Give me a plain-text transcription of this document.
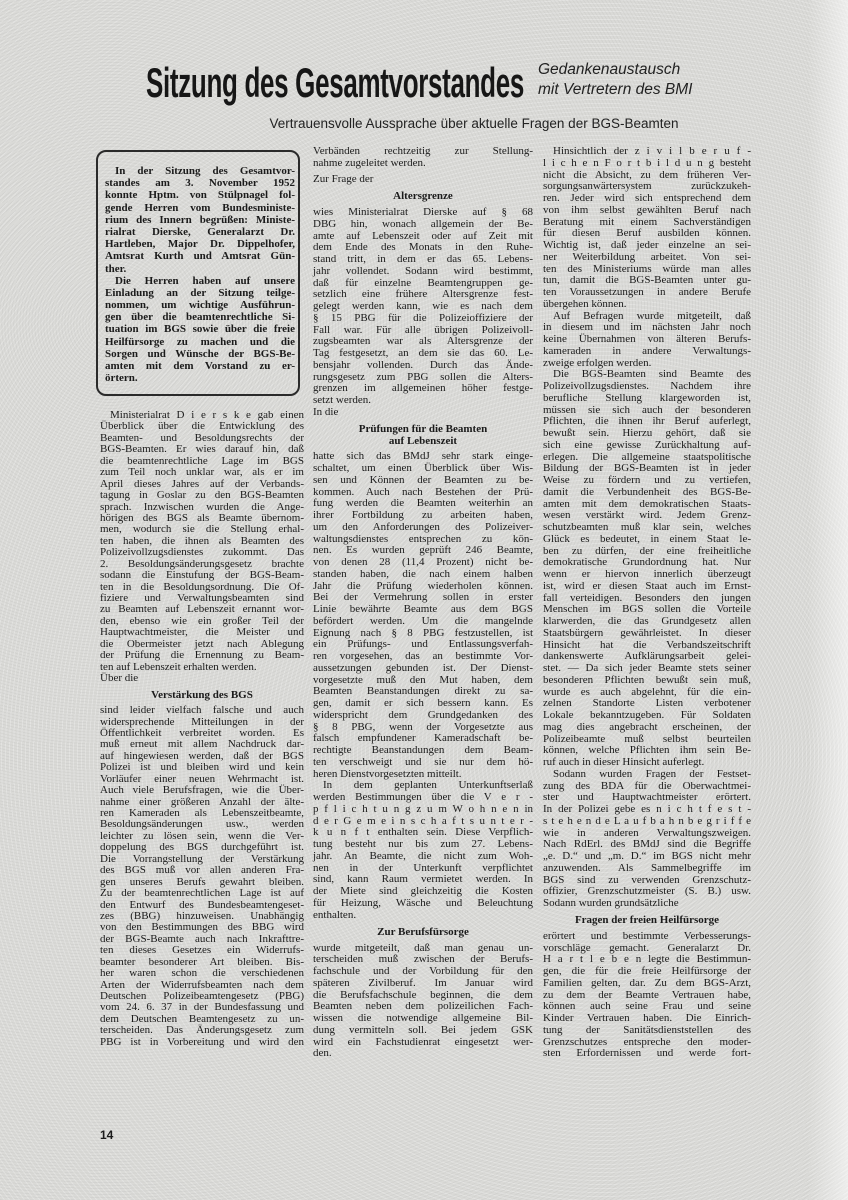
Sitzung des Gesamtvorstandes Gedankenaustausch
mit Vertretern des BMI
Vertrauensvolle Aussprache über aktuelle Fragen der BGS-Beamten
In der Sitzung des Gesamtvor-
standes am 3. November 1952
konnte Hptm. von Stülpnagel fol-
gende Herren vom Bundesministe-
rium des Innern begrüßen: Ministe-
rialrat Dierske, Generalarzt Dr.
Hartleben, Major Dr. Dippelhofer,
Amtsrat Kurth und Amtsrat Gün-
ther.
Die Herren haben auf unsere
Einladung an der Sitzung teilge-
nommen, um wichtige Ausführun-
gen über die beamtenrechtliche Si-
tuation im BGS sowie über die freie
Heilfürsorge zu machen und die
Sorgen und Wünsche der BGS-Be-
amten mit dem Vorstand zu er-
örtern.
Ministerialrat D i e r s k e gab einen
Überblick über die Entwicklung des
Beamten- und Besoldungsrechts der
BGS-Beamten. Er wies darauf hin, daß
die beamtenrechtliche Lage im BGS
zum Teil noch unklar war, als er im
April dieses Jahres auf der Verbands-
tagung in Goslar zu den BGS-Beamten
sprach. Inzwischen wurden die Ange-
hörigen des BGS als Beamte übernom-
men, wodurch sie die Stellung erhal-
ten haben, die ihnen als Beamten des
Polizeivollzugsdienstes zukommt. Das
2. Besoldungsänderungsgesetz brachte
sodann die Einstufung der BGS-Beam-
ten in die Besoldungsordnung. Die Of-
fiziere und Verwaltungsbeamten sind
zu Beamten auf Lebenszeit ernannt wor-
den, ebenso wie ein großer Teil der
Hauptwachtmeister, die Meister und
die Obermeister jetzt nach Ablegung
der Prüfung die Ernennung zu Beam-
ten auf Lebenszeit erhalten werden.
Über die
Verstärkung des BGS
sind leider vielfach falsche und auch
widersprechende Mitteilungen in der
Öffentlichkeit verbreitet worden. Es
muß erneut mit allem Nachdruck dar-
auf hingewiesen werden, daß der BGS
Polizei ist und bleiben wird und kein
Vorläufer einer neuen Wehrmacht ist.
Auch viele Berufsfragen, wie die Über-
nahme einer größeren Anzahl der älte-
ren Kameraden als Lebenszeitbeamte,
Besoldungsänderungen usw., werden
leichter zu lösen sein, wenn die Ver-
doppelung des BGS durchgeführt ist.
Die Vorrangstellung der Verstärkung
des BGS muß vor allen anderen Fra-
gen unseres Berufs gewahrt bleiben.
Zu der beamtenrechtlichen Lage ist auf
den Entwurf des Bundesbeamtengeset-
zes (BBG) hinzuweisen. Unabhängig
von den Bestimmungen des BBG wird
der BGS-Beamte auch nach Inkrafttre-
ten dieses Gesetzes ein Widerrufs-
beamter besonderer Art bleiben. Bis-
her waren schon die verschiedenen
Arten der Widerrufsbeamten nach dem
Deutschen Polizeibeamtengesetz (PBG)
vom 24. 6. 37 in der Bundesfassung und
dem Deutschen Beamtengesetz zu un-
terscheiden. Das Änderungsgesetz zum
PBG ist in Vorbereitung und wird den
Verbänden rechtzeitig zur Stellung-
nahme zugeleitet werden.
Zur Frage der
Altersgrenze
wies Ministerialrat Dierske auf § 68
DBG hin, wonach allgemein der Be-
amte auf Lebenszeit oder auf Zeit mit
dem Ende des Monats in den Ruhe-
stand tritt, in dem er das 65. Lebens-
jahr vollendet. Sodann wird bestimmt,
daß für einzelne Beamtengruppen ge-
setzlich eine frühere Altersgrenze fest-
gelegt werden kann, wie es nach dem
§ 15 PBG für die Polizeioffiziere der
Fall war. Für alle übrigen Polizeivoll-
zugsbeamten war als Altersgrenze der
Tag festgesetzt, an dem sie das 60. Le-
bensjahr vollenden. Durch das Ände-
rungsgesetz zum PBG sollen die Alters-
grenzen im allgemeinen höher festge-
setzt werden.
In die
Prüfungen für die Beamten
auf Lebenszeit
hatte sich das BMdJ sehr stark einge-
schaltet, um einen Überblick über Wis-
sen und Können der Beamten zu be-
kommen. Auch nach Bestehen der Prü-
fung werden die Beamten weiterhin an
ihrer Fortbildung zu arbeiten haben,
um den Anforderungen des Polizeiver-
waltungsdienstes entsprechen zu kön-
nen. Es wurden geprüft 246 Beamte,
von denen 28 (11,4 Prozent) nicht be-
standen haben, die nach einem halben
Jahr die Prüfung wiederholen können.
Bei der Vermehrung sollen in erster
Linie bewährte Beamte aus dem BGS
befördert werden. Um die mangelnde
Eignung nach § 8 PBG festzustellen, ist
ein Prüfungs- und Entlassungsverfah-
ren vorgesehen, das an bestimmte Vor-
aussetzungen gebunden ist. Der Dienst-
vorgesetzte muß den Mut haben, dem
Beamten Beanstandungen direkt zu sa-
gen, damit er sich bessern kann. Es
widerspricht dem Grundgedanken des
§ 8 PBG, wenn der Vorgesetzte aus
falsch empfundener Kameradschaft be-
rechtigte Beanstandungen dem Beam-
ten verschweigt und sie nur dem hö-
heren Dienstvorgesetzten mitteilt.
In dem geplanten Unterkunftserlaß
werden Bestimmungen über die V e r -
p f l i c h t u n g z u m W o h n e n in
d e r G e m e i n s c h a f t s u n t e r -
k u n f t enthalten sein. Diese Verpflich-
tung besteht nur bis zum 27. Lebens-
jahr. An Beamte, die nicht zum Woh-
nen in der Unterkunft verpflichtet
sind, kann Raum vermietet werden. In
der Miete sind gleichzeitig die Kosten
für Heizung, Wäsche und Beleuchtung
enthalten.
Zur Berufsfürsorge
wurde mitgeteilt, daß man genau un-
terscheiden muß zwischen der Berufs-
fachschule und der Vorbildung für den
späteren Zivilberuf. Im Januar wird
die Berufsfachschule beginnen, die dem
Beamten neben dem polizeilichen Fach-
wissen die notwendige allgemeine Bil-
dung vermitteln soll. Bei jedem GSK
wird ein Fachstudienrat eingesetzt wer-
den.
Hinsichtlich der z i v i l b e r u f -
l i c h e n F o r t b i l d u n g besteht
nicht die Absicht, zu dem früheren Ver-
sorgungsanwärtersystem zurückzukeh-
ren. Jeder wird sich entsprechend dem
von ihm selbst gewählten Beruf nach
Beratung mit einem Sachverständigen
für diesen Beruf ausbilden können.
Wichtig ist, daß jeder einzelne an sei-
ner Weiterbildung arbeitet. Von sei-
ten des Ministeriums würde man alles
tun, damit die BGS-Beamten unter gu-
ten Voraussetzungen in andere Berufe
übergehen können.
Auf Befragen wurde mitgeteilt, daß
in diesem und im nächsten Jahr noch
keine Übernahmen von älteren Berufs-
kameraden in andere Verwaltungs-
zweige erfolgen werden.
Die BGS-Beamten sind Beamte des
Polizeivollzugsdienstes. Nachdem ihre
berufliche Stellung klargeworden ist,
müssen sie sich auch der besonderen
Pflichten, die ihnen ihr Beruf auferlegt,
bewußt sein. Hierzu gehört, daß sie
sich eine gewisse Zurückhaltung auf-
erlegen. Die allgemeine staatspolitische
Bildung der BGS-Beamten ist in jeder
Weise zu fördern und zu vertiefen,
damit die Verbundenheit des BGS-Be-
amten mit dem demokratischen Staats-
wesen verstärkt wird. Jedem Grenz-
schutzbeamten muß klar sein, welches
Glück es bedeutet, in einem Staat le-
ben zu dürfen, der eine freiheitliche
demokratische Grundordnung hat. Nur
wenn er hiervon innerlich überzeugt
ist, wird er diesen Staat auch im Ernst-
fall verteidigen. Besonders den jungen
Menschen im BGS sollen die Vorteile
klarwerden, die das Grundgesetz allen
Staatsbürgern gewährleistet. In dieser
Hinsicht hat die Verbandszeitschrift
dankenswerte Aufklärungsarbeit gelei-
stet. — Da sich jeder Beamte stets seiner
besonderen Pflichten bewußt sein muß,
wurde es auch abgelehnt, für die ein-
zelnen Standorte Listen verbotener
Lokale bekanntzugeben. Für Soldaten
mag dies angebracht erscheinen, der
Polizeibeamte muß selbst beurteilen
können, welche Pflichten ihm sein Be-
ruf auch in dieser Hinsicht auferlegt.
Sodann wurden Fragen der Festset-
zung des BDA für die Oberwachtmei-
ster und Hauptwachtmeister erörtert.
In der Polizei gebe es n i c h t f e s t -
s t e h e n d e L a u f b a h n b e g r i f f e
wie in anderen Verwaltungszweigen.
Nach RdErl. des BMdJ sind die Begriffe
„e. D.“ und „m. D.“ im BGS nicht mehr
anzuwenden. Als Sammelbegriffe im
BGS sind zu verwenden Grenzschutz-
offizier, Grenzschutzmeister (S. B.) usw.
Sodann wurden grundsätzliche
Fragen der freien Heilfürsorge
erörtert und bestimmte Verbesserungs-
vorschläge gemacht. Generalarzt Dr.
H a r t l e b e n legte die Bestimmun-
gen, die für die freie Heilfürsorge der
Familien gelten, dar. Zu dem BGS-Arzt,
zu dem der Beamte Vertrauen habe,
können auch seine Frau und seine
Kinder Vertrauen haben. Die Einrich-
tung der Sanitätsdienststellen des
Grenzschutzes entspreche den moder-
sten Erfordernissen und werde fort-
14
